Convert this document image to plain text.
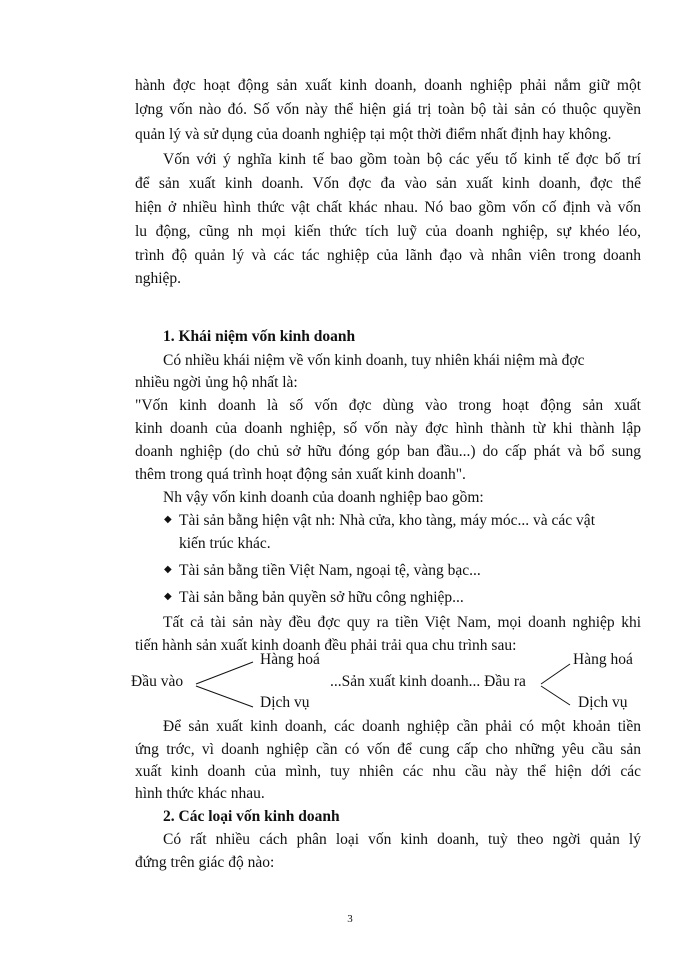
hành đợc hoạt động sản xuất kinh doanh, doanh nghiệp phải nắm giữ một
lợng vốn nào đó. Số vốn này thể hiện giá trị toàn bộ tài sản có thuộc quyền
quản lý và sử dụng của doanh nghiệp tại một thời điểm nhất định hay không.
Vốn với ý nghĩa kinh tế bao gồm toàn bộ các yếu tố kinh tế đợc bố trí
để sản xuất kinh doanh. Vốn đợc đa vào sản xuất kinh doanh, đợc thể
hiện ở nhiều hình thức vật chất khác nhau. Nó bao gồm vốn cố định và vốn
lu động, cũng nh mọi kiến thức tích luỹ của doanh nghiệp, sự khéo léo,
trình độ quản lý và các tác nghiệp của lãnh đạo và nhân viên trong doanh
nghiệp.
1. Khái niệm vốn kinh doanh
Có nhiều khái niệm về vốn kinh doanh, tuy nhiên khái niệm mà đợc
nhiều ngời ủng hộ nhất là:
"Vốn kinh doanh là số vốn đợc dùng vào trong hoạt động sản xuất
kinh doanh của doanh nghiệp, số vốn này đợc hình thành từ khi thành lập
doanh nghiệp (do chủ sở hữu đóng góp ban đầu...) do cấp phát và bổ sung
thêm trong quá trình hoạt động sản xuất kinh doanh".
Nh vậy vốn kinh doanh của doanh nghiệp bao gồm:
◆ Tài sản bằng hiện vật nh: Nhà cửa, kho tàng, máy móc... và các vật
kiến trúc khác.
◆ Tài sản bằng tiền Việt Nam, ngoại tệ, vàng bạc...
◆ Tài sản bằng bản quyền sở hữu công nghiệp...
Tất cả tài sản này đều đợc quy ra tiền Việt Nam, mọi doanh nghiệp khi
tiến hành sản xuất kinh doanh đều phải trải qua chu trình sau:
Hàng hoá	Hàng hoá
Đầu vào	...Sản xuất kinh doanh... Đầu ra
Dịch vụ	Dịch vụ
Để sản xuất kinh doanh, các doanh nghiệp cần phải có một khoản tiền
ứng trớc, vì doanh nghiệp cần có vốn để cung cấp cho những yêu cầu sản
xuất kinh doanh của mình, tuy nhiên các nhu cầu này thể hiện dới các
hình thức khác nhau.
2. Các loại vốn kinh doanh
Có rất nhiều cách phân loại vốn kinh doanh, tuỳ theo ngời quản lý
đứng trên giác độ nào:
3
